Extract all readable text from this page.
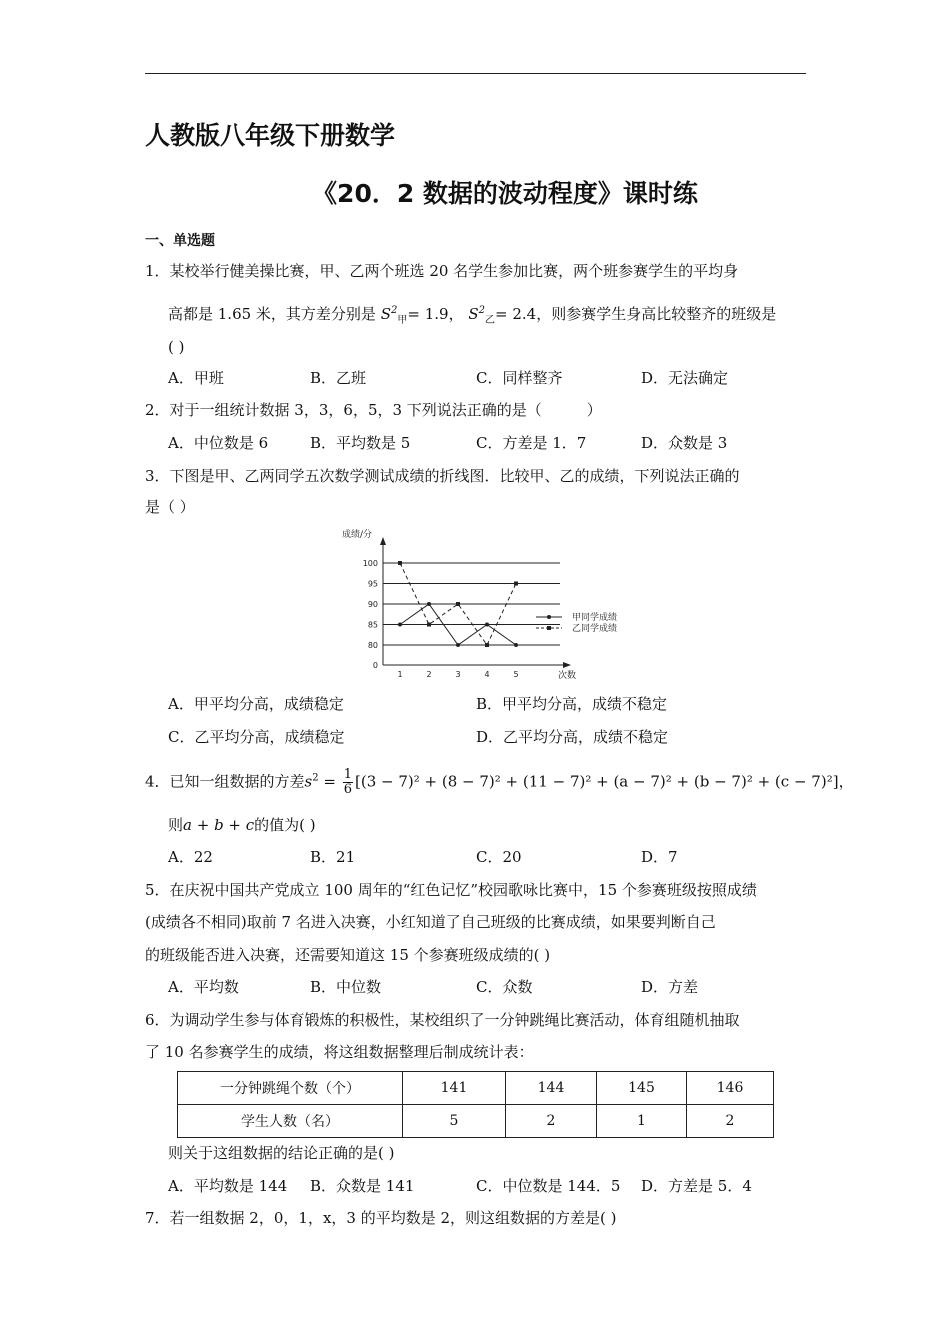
人教版八年级下册数学
《20．2 数据的波动程度》课时练
一、单选题
1．某校举行健美操比赛，甲、乙两个班选 20 名学生参加比赛，两个班参赛学生的平均身
高都是 1.65 米，其方差分别是 $S^2_甲= 1.9$， $S^2_乙= 2.4$，则参赛学生身高比较整齐的班级是
( )
A．甲班	B．乙班	C．同样整齐	D．无法确定
2．对于一组统计数据 3，3，6，5，3 下列说法正确的是（　　　）
A．中位数是 6	B．平均数是 5	C．方差是 1．7	D．众数是 3
3．下图是甲、乙两同学五次数学测试成绩的折线图．比较甲、乙的成绩，下列说法正确的
是（ ）
成绩/分
次数
0
80
85
90
95
100
1	2	3	4	5
甲同学成绩
乙同学成绩
A．甲平均分高，成绩稳定	B．甲平均分高，成绩不稳定
C．乙平均分高，成绩稳定	D．乙平均分高，成绩不稳定
4．已知一组数据的方差$s^2 = \frac{1}{6} [(3 - 7)^2 + (8 - 7)^2 + (11 - 7)^2 + (a - 7)^2 + (b - 7)^2 + (c - 7)^2]$，
则a + b + c的值为( )
A．22	B．21	C．20	D．7
5．在庆祝中国共产党成立 100 周年的“红色记忆”校园歌咏比赛中，15 个参赛班级按照成绩
(成绩各不相同)取前 7 名进入决赛，小红知道了自己班级的比赛成绩，如果要判断自己
的班级能否进入决赛，还需要知道这 15 个参赛班级成绩的( )
A．平均数	B．中位数	C．众数	D．方差
6．为调动学生参与体育锻炼的积极性，某校组织了一分钟跳绳比赛活动，体育组随机抽取
了 10 名参赛学生的成绩，将这组数据整理后制成统计表：
一分钟跳绳个数（个）	141	144	145	146
学生人数（名）	5	2	1	2
则关于这组数据的结论正确的是( )
A．平均数是 144 B．众数是 141	C．中位数是 144．5 D．方差是 5．4
7．若一组数据 2，0，1，x，3 的平均数是 2，则这组数据的方差是( )
